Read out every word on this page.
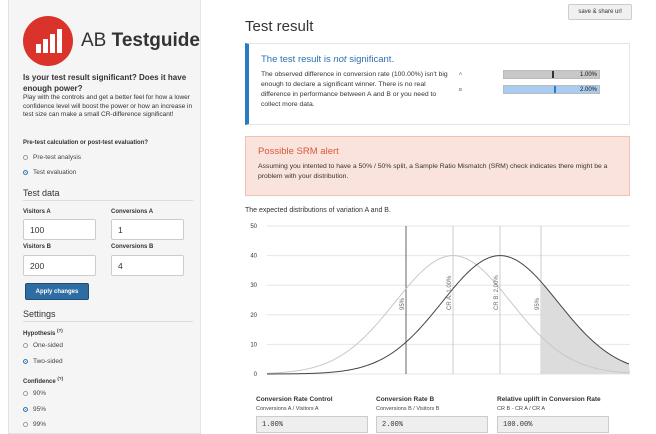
AB Testguide
Is your test result significant? Does it have enough power?
Play with the controls and get a better feel for how a lower confidence level will boost the power or how an increase in test size can make a small CR-difference significant!
Pre-test calculation or post-test evaluation?
Pre-test analysis
Test evaluation
Test data
Visitors A	Conversions A
100	1
Visitors B	Conversions B
200	4
Apply changes
Settings
Hypothesis (?)
One-sided
Two-sided
Confidence (?)
90%
95%
99%
Test result
save & share url
The test result is not significant.
The observed difference in conversion rate (100.00%) isn't big enough to declare a significant winner. There is no real difference in performance between A and B or you need to collect more data.
A
B
1.00%
2.00%
Possible SRM alert
Assuming you intented to have a 50% / 50% split, a Sample Ratio Mismatch (SRM) check indicates there might be a problem with your distribution.
The expected distributions of variation A and B.
0
10
20
30
40
50
95%	CR A: 1.00%	CR B: 2.00%	95%
Conversion Rate Control
Conversions A / Visitors A
1.00%
Conversion Rate B
Conversions B / Visitors B
2.00%
Relative uplift in Conversion Rate
CR B - CR A / CR A
100.00%
